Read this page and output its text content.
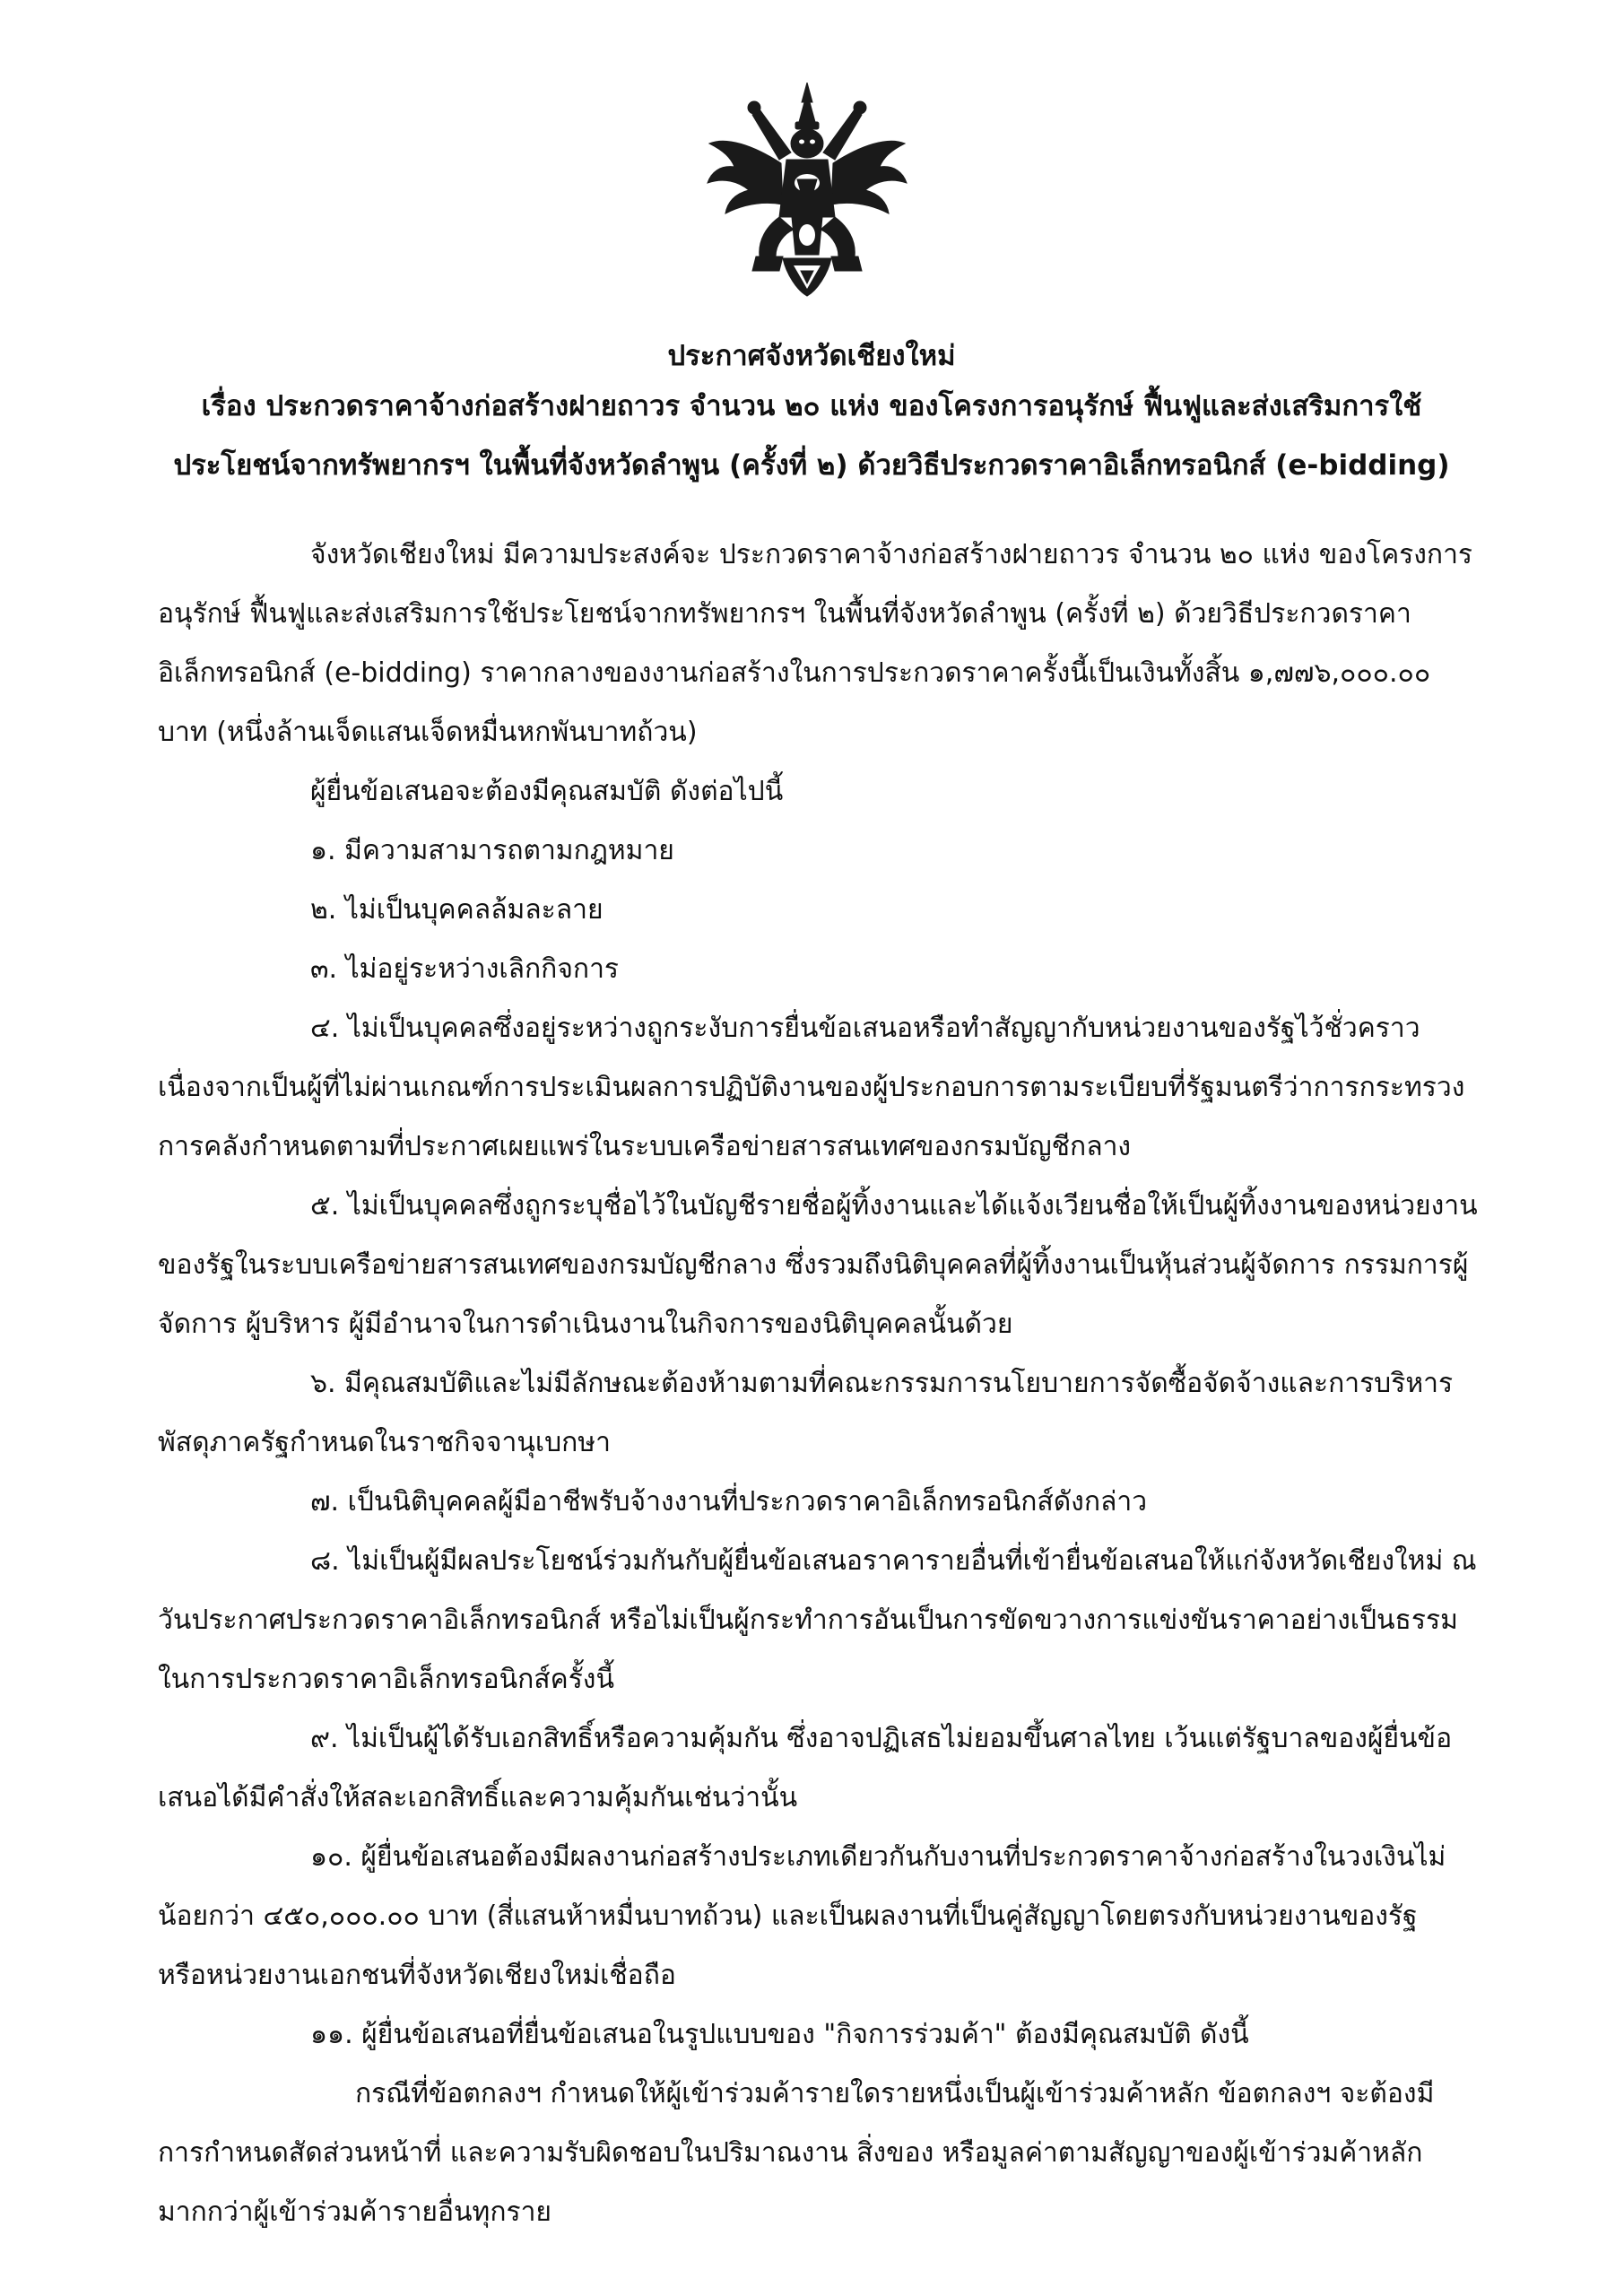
ประกาศจังหวัดเชียงใหม่
เรื่อง ประกวดราคาจ้างก่อสร้างฝายถาวร จำนวน ๒๐ แห่ง ของโครงการอนุรักษ์ ฟื้นฟูและส่งเสริมการใช้
ประโยชน์จากทรัพยากรฯ ในพื้นที่จังหวัดลำพูน (ครั้งที่ ๒) ด้วยวิธีประกวดราคาอิเล็กทรอนิกส์ (e-bidding)
จังหวัดเชียงใหม่ มีความประสงค์จะ ประกวดราคาจ้างก่อสร้างฝายถาวร จำนวน ๒๐ แห่ง ของโครงการ
อนุรักษ์ ฟื้นฟูและส่งเสริมการใช้ประโยชน์จากทรัพยากรฯ ในพื้นที่จังหวัดลำพูน (ครั้งที่ ๒) ด้วยวิธีประกวดราคา
อิเล็กทรอนิกส์ (e-bidding) ราคากลางของงานก่อสร้างในการประกวดราคาครั้งนี้เป็นเงินทั้งสิ้น ๑,๗๗๖,๐๐๐.๐๐
บาท (หนึ่งล้านเจ็ดแสนเจ็ดหมื่นหกพันบาทถ้วน)
ผู้ยื่นข้อเสนอจะต้องมีคุณสมบัติ ดังต่อไปนี้
๑. มีความสามารถตามกฎหมาย
๒. ไม่เป็นบุคคลล้มละลาย
๓. ไม่อยู่ระหว่างเลิกกิจการ
๔. ไม่เป็นบุคคลซึ่งอยู่ระหว่างถูกระงับการยื่นข้อเสนอหรือทำสัญญากับหน่วยงานของรัฐไว้ชั่วคราว
เนื่องจากเป็นผู้ที่ไม่ผ่านเกณฑ์การประเมินผลการปฏิบัติงานของผู้ประกอบการตามระเบียบที่รัฐมนตรีว่าการกระทรวง
การคลังกำหนดตามที่ประกาศเผยแพร่ในระบบเครือข่ายสารสนเทศของกรมบัญชีกลาง
๕. ไม่เป็นบุคคลซึ่งถูกระบุชื่อไว้ในบัญชีรายชื่อผู้ทิ้งงานและได้แจ้งเวียนชื่อให้เป็นผู้ทิ้งงานของหน่วยงาน
ของรัฐในระบบเครือข่ายสารสนเทศของกรมบัญชีกลาง ซึ่งรวมถึงนิติบุคคลที่ผู้ทิ้งงานเป็นหุ้นส่วนผู้จัดการ กรรมการผู้
จัดการ ผู้บริหาร ผู้มีอำนาจในการดำเนินงานในกิจการของนิติบุคคลนั้นด้วย
๖. มีคุณสมบัติและไม่มีลักษณะต้องห้ามตามที่คณะกรรมการนโยบายการจัดซื้อจัดจ้างและการบริหาร
พัสดุภาครัฐกำหนดในราชกิจจานุเบกษา
๗. เป็นนิติบุคคลผู้มีอาชีพรับจ้างงานที่ประกวดราคาอิเล็กทรอนิกส์ดังกล่าว
๘. ไม่เป็นผู้มีผลประโยชน์ร่วมกันกับผู้ยื่นข้อเสนอราคารายอื่นที่เข้ายื่นข้อเสนอให้แก่จังหวัดเชียงใหม่ ณ
วันประกาศประกวดราคาอิเล็กทรอนิกส์ หรือไม่เป็นผู้กระทำการอันเป็นการขัดขวางการแข่งขันราคาอย่างเป็นธรรม
ในการประกวดราคาอิเล็กทรอนิกส์ครั้งนี้
๙. ไม่เป็นผู้ได้รับเอกสิทธิ์หรือความคุ้มกัน ซึ่งอาจปฏิเสธไม่ยอมขึ้นศาลไทย เว้นแต่รัฐบาลของผู้ยื่นข้อ
เสนอได้มีคำสั่งให้สละเอกสิทธิ์และความคุ้มกันเช่นว่านั้น
๑๐. ผู้ยื่นข้อเสนอต้องมีผลงานก่อสร้างประเภทเดียวกันกับงานที่ประกวดราคาจ้างก่อสร้างในวงเงินไม่
น้อยกว่า ๔๕๐,๐๐๐.๐๐ บาท (สี่แสนห้าหมื่นบาทถ้วน) และเป็นผลงานที่เป็นคู่สัญญาโดยตรงกับหน่วยงานของรัฐ
หรือหน่วยงานเอกชนที่จังหวัดเชียงใหม่เชื่อถือ
๑๑. ผู้ยื่นข้อเสนอที่ยื่นข้อเสนอในรูปแบบของ "กิจการร่วมค้า" ต้องมีคุณสมบัติ ดังนี้
กรณีที่ข้อตกลงฯ กำหนดให้ผู้เข้าร่วมค้ารายใดรายหนึ่งเป็นผู้เข้าร่วมค้าหลัก ข้อตกลงฯ จะต้องมี
การกำหนดสัดส่วนหน้าที่ และความรับผิดชอบในปริมาณงาน สิ่งของ หรือมูลค่าตามสัญญาของผู้เข้าร่วมค้าหลัก
มากกว่าผู้เข้าร่วมค้ารายอื่นทุกราย
